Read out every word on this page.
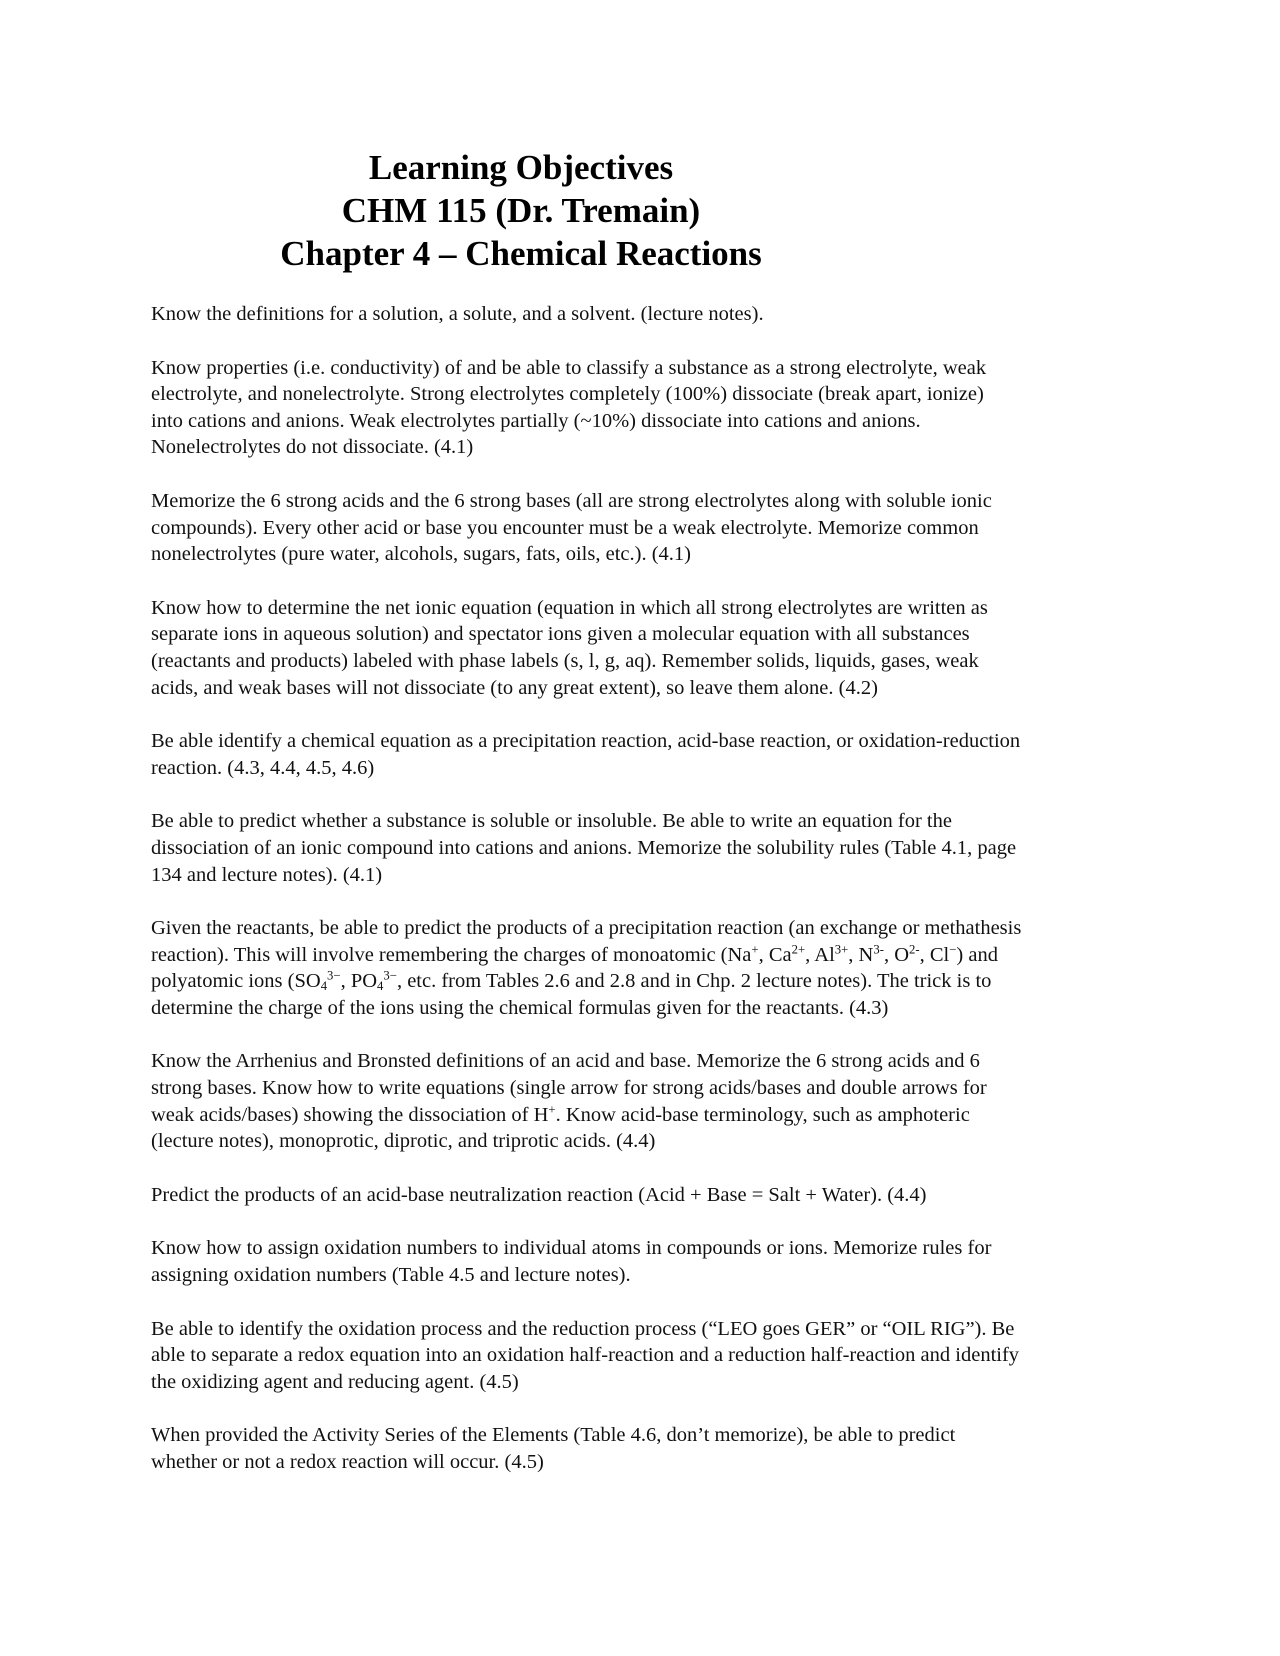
Learning Objectives
CHM 115 (Dr. Tremain)
Chapter 4 – Chemical Reactions

Know the definitions for a solution, a solute, and a solvent. (lecture notes).

Know properties (i.e. conductivity) of and be able to classify a substance as a strong electrolyte, weak
electrolyte, and nonelectrolyte. Strong electrolytes completely (100%) dissociate (break apart, ionize)
into cations and anions. Weak electrolytes partially (~10%) dissociate into cations and anions.
Nonelectrolytes do not dissociate. (4.1)

Memorize the 6 strong acids and the 6 strong bases (all are strong electrolytes along with soluble ionic
compounds). Every other acid or base you encounter must be a weak electrolyte. Memorize common
nonelectrolytes (pure water, alcohols, sugars, fats, oils, etc.). (4.1)

Know how to determine the net ionic equation (equation in which all strong electrolytes are written as
separate ions in aqueous solution) and spectator ions given a molecular equation with all substances
(reactants and products) labeled with phase labels (s, l, g, aq). Remember solids, liquids, gases, weak
acids, and weak bases will not dissociate (to any great extent), so leave them alone. (4.2)

Be able identify a chemical equation as a precipitation reaction, acid-base reaction, or oxidation-reduction
reaction. (4.3, 4.4, 4.5, 4.6)

Be able to predict whether a substance is soluble or insoluble. Be able to write an equation for the
dissociation of an ionic compound into cations and anions. Memorize the solubility rules (Table 4.1, page
134 and lecture notes). (4.1)

Given the reactants, be able to predict the products of a precipitation reaction (an exchange or methathesis
reaction). This will involve remembering the charges of monoatomic (Na+, $Ca^{2+}$, $Al^{3+}$, $N^{3-}$, $O^{2-}$, Cl−) and
polyatomic ions ($SO_4^{3-}$, $PO_4^{3-}$, etc. from Tables 2.6 and 2.8 and in Chp. 2 lecture notes). The trick is to
determine the charge of the ions using the chemical formulas given for the reactants. (4.3)

Know the Arrhenius and Bronsted definitions of an acid and base. Memorize the 6 strong acids and 6
strong bases. Know how to write equations (single arrow for strong acids/bases and double arrows for
weak acids/bases) showing the dissociation of H+. Know acid-base terminology, such as amphoteric
(lecture notes), monoprotic, diprotic, and triprotic acids. (4.4)

Predict the products of an acid-base neutralization reaction (Acid + Base = Salt + Water). (4.4)

Know how to assign oxidation numbers to individual atoms in compounds or ions. Memorize rules for
assigning oxidation numbers (Table 4.5 and lecture notes).

Be able to identify the oxidation process and the reduction process (“LEO goes GER” or “OIL RIG”). Be
able to separate a redox equation into an oxidation half-reaction and a reduction half-reaction and identify
the oxidizing agent and reducing agent. (4.5)

When provided the Activity Series of the Elements (Table 4.6, don’t memorize), be able to predict
whether or not a redox reaction will occur. (4.5)
